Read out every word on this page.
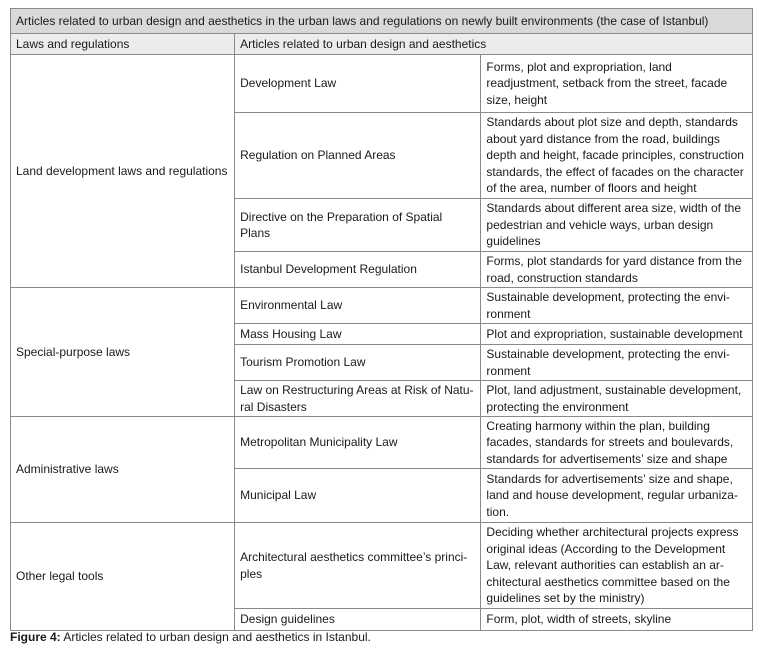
Articles related to urban design and aesthetics in the urban laws and regulations on newly built environments (the case of Istanbul)		
Laws and regulations	Articles related to urban design and aesthetics	
Land development laws and regulations	Development Law	Forms, plot and expropriation, land readjustment, setback from the street, facade size, height
	Regulation on Planned Areas	Standards about plot size and depth, standards about yard distance from the road, buildings depth and height, facade principles, construction standards, the effect of facades on the character of the area, number of floors and height
	Directive on the Preparation of Spatial Plans	Standards about different area size, width of the pedestrian and vehicle ways, urban design guidelines
	Istanbul Development Regulation	Forms, plot standards for yard distance from the road, construction standards
Special-purpose laws	Environmental Law	Sustainable development, protecting the envi-ronment
	Mass Housing Law	Plot and expropriation, sustainable development
	Tourism Promotion Law	Sustainable development, protecting the envi-ronment
	Law on Restructuring Areas at Risk of Natu-ral Disasters	Plot, land adjustment, sustainable development, protecting the environment
Administrative laws	Metropolitan Municipality Law	Creating harmony within the plan, building facades, standards for streets and boulevards, standards for advertisements’ size and shape
	Municipal Law	Standards for advertisements’ size and shape, land and house development, regular urbaniza-tion.
Other legal tools	Architectural aesthetics committee’s princi-ples	Deciding whether architectural projects express original ideas (According to the Development Law, relevant authorities can establish an ar-chitectural aesthetics committee based on the guidelines set by the ministry)
	Design guidelines	Form, plot, width of streets, skyline
Figure 4: Articles related to urban design and aesthetics in Istanbul.
